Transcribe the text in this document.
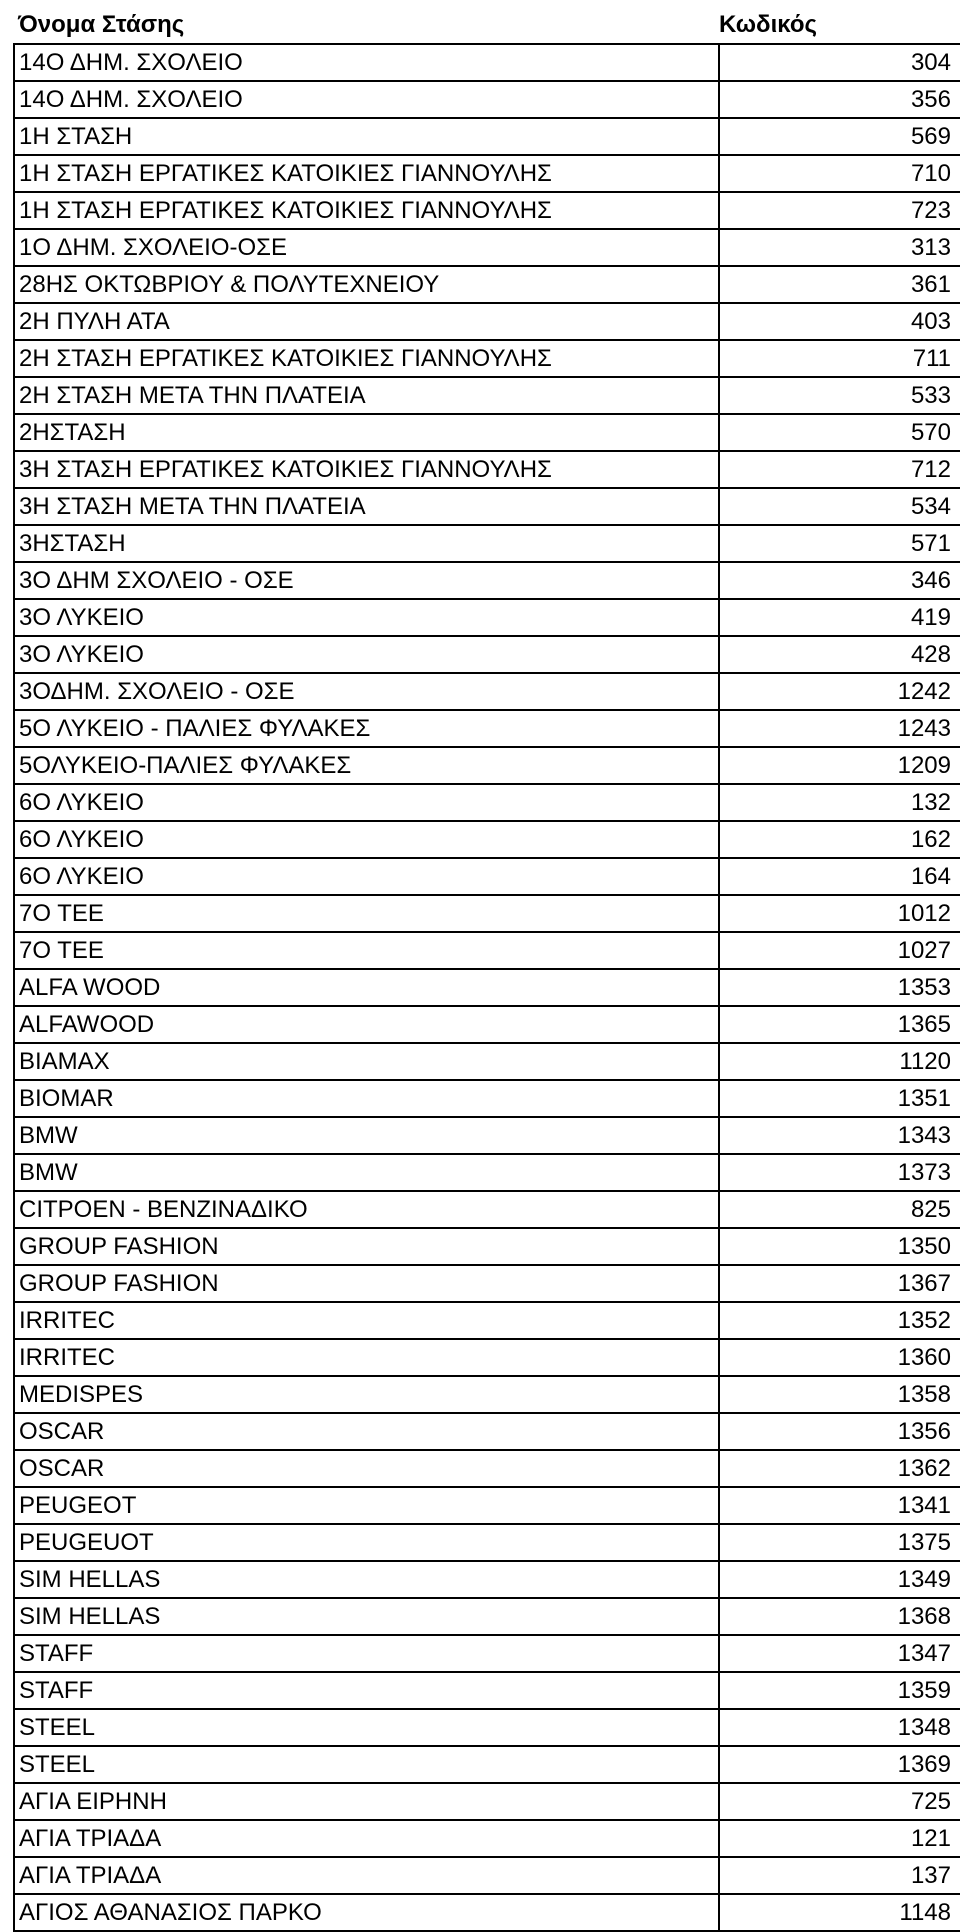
Όνομα Στάσης	Κωδικός
14Ο ΔΗΜ. ΣΧΟΛΕΙΟ	304
14Ο ΔΗΜ. ΣΧΟΛΕΙΟ	356
1Η ΣΤΑΣΗ	569
1Η ΣΤΑΣΗ ΕΡΓΑΤΙΚΕΣ ΚΑΤΟΙΚΙΕΣ ΓΙΑΝΝΟΥΛΗΣ	710
1Η ΣΤΑΣΗ ΕΡΓΑΤΙΚΕΣ ΚΑΤΟΙΚΙΕΣ ΓΙΑΝΝΟΥΛΗΣ	723
1Ο ΔΗΜ. ΣΧΟΛΕΙΟ-ΟΣΕ	313
28ΗΣ ΟΚΤΩΒΡΙΟΥ & ΠΟΛΥΤΕΧΝΕΙΟΥ	361
2Η ΠΥΛΗ ΑΤΑ	403
2Η ΣΤΑΣΗ ΕΡΓΑΤΙΚΕΣ ΚΑΤΟΙΚΙΕΣ ΓΙΑΝΝΟΥΛΗΣ	711
2Η ΣΤΑΣΗ ΜΕΤΑ ΤΗΝ ΠΛΑΤΕΙΑ	533
2ΗΣΤΑΣΗ	570
3Η ΣΤΑΣΗ ΕΡΓΑΤΙΚΕΣ ΚΑΤΟΙΚΙΕΣ ΓΙΑΝΝΟΥΛΗΣ	712
3Η ΣΤΑΣΗ ΜΕΤΑ ΤΗΝ ΠΛΑΤΕΙΑ	534
3ΗΣΤΑΣΗ	571
3Ο ΔΗΜ ΣΧΟΛΕΙΟ - ΟΣΕ	346
3Ο ΛΥΚΕΙΟ	419
3Ο ΛΥΚΕΙΟ	428
3ΟΔΗΜ. ΣΧΟΛΕΙΟ - ΟΣΕ	1242
5Ο ΛΥΚΕΙΟ - ΠΑΛΙΕΣ ΦΥΛΑΚΕΣ	1243
5ΟΛΥΚΕΙΟ-ΠΑΛΙΕΣ ΦΥΛΑΚΕΣ	1209
6Ο ΛΥΚΕΙΟ	132
6Ο ΛΥΚΕΙΟ	162
6Ο ΛΥΚΕΙΟ	164
7Ο ΤΕΕ	1012
7Ο ΤΕΕ	1027
ALFA WOOD	1353
ALFAWOOD	1365
BIAMAX	1120
BIOMAR	1351
BMW	1343
BMW	1373
CITPOEN - ΒΕΝΖΙΝΑΔΙΚΟ	825
GROUP FASHION	1350
GROUP FASHION	1367
IRRITEC	1352
IRRITEC	1360
MEDISPES	1358
OSCAR	1356
OSCAR	1362
PEUGEOT	1341
PEUGEUOT	1375
SIM HELLAS	1349
SIM HELLAS	1368
STAFF	1347
STAFF	1359
STEEL	1348
STEEL	1369
ΑΓΙΑ ΕΙΡΗΝΗ	725
ΑΓΙΑ ΤΡΙΑΔΑ	121
ΑΓΙΑ ΤΡΙΑΔΑ	137
ΑΓΙΟΣ ΑΘΑΝΑΣΙΟΣ ΠΑΡΚΟ	1148
